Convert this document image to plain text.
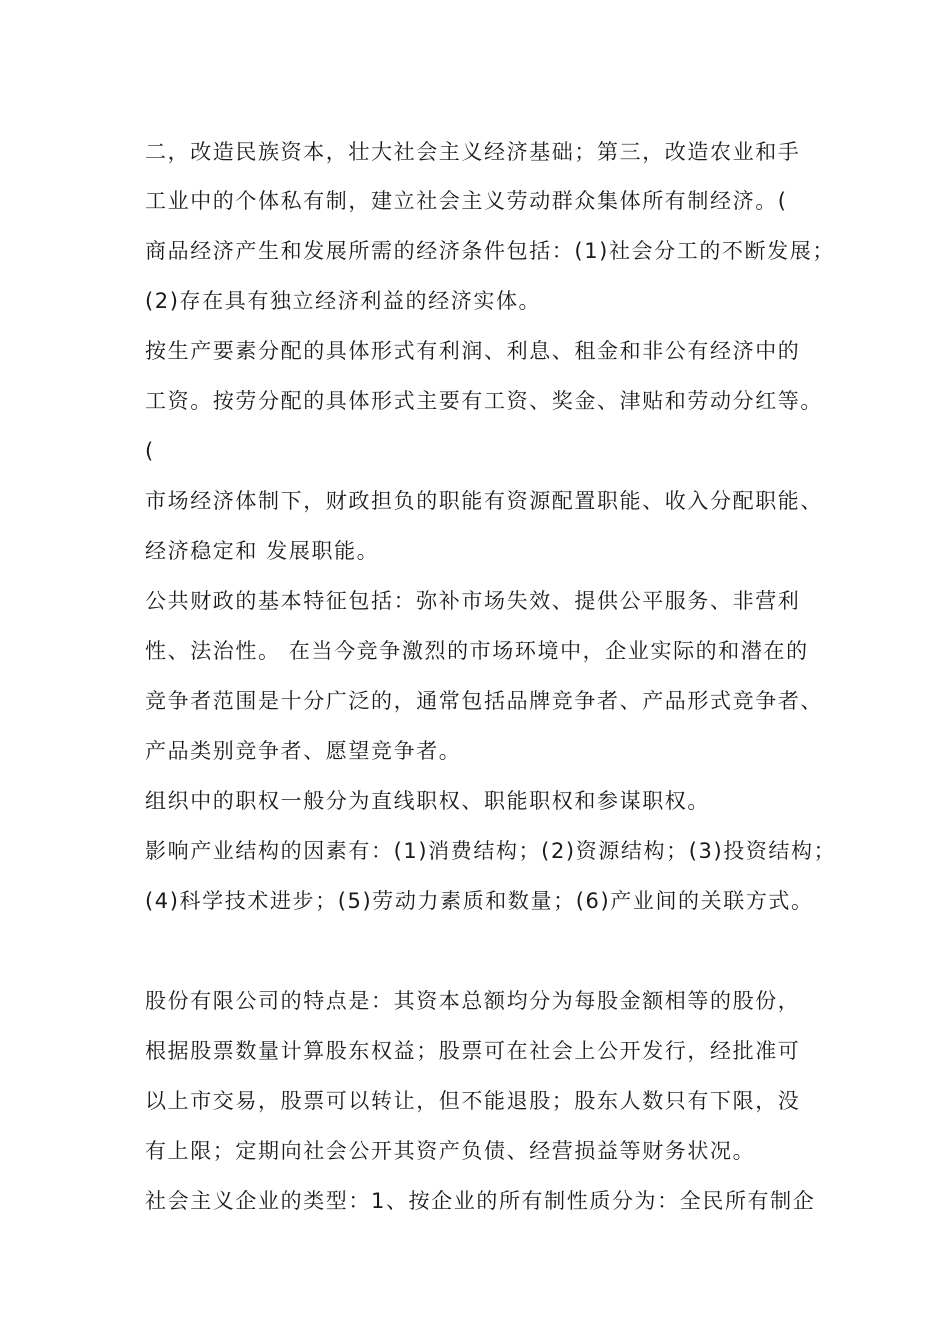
二，改造民族资本，壮大社会主义经济基础；第三，改造农业和手
工业中的个体私有制，建立社会主义劳动群众集体所有制经济。(
商品经济产生和发展所需的经济条件包括：(1)社会分工的不断发展；
(2)存在具有独立经济利益的经济实体。
按生产要素分配的具体形式有利润、利息、租金和非公有经济中的
工资。按劳分配的具体形式主要有工资、奖金、津贴和劳动分红等。
(
市场经济体制下，财政担负的职能有资源配置职能、收入分配职能、
经济稳定和 发展职能。
公共财政的基本特征包括：弥补市场失效、提供公平服务、非营利
性、法治性。 在当今竞争激烈的市场环境中，企业实际的和潜在的
竞争者范围是十分广泛的，通常包括品牌竞争者、产品形式竞争者、
产品类别竞争者、愿望竞争者。
组织中的职权一般分为直线职权、职能职权和参谋职权。
影响产业结构的因素有：(1)消费结构；(2)资源结构；(3)投资结构；
(4)科学技术进步；(5)劳动力素质和数量；(6)产业间的关联方式。
股份有限公司的特点是：其资本总额均分为每股金额相等的股份，
根据股票数量计算股东权益；股票可在社会上公开发行，经批准可
以上市交易，股票可以转让，但不能退股；股东人数只有下限，没
有上限；定期向社会公开其资产负债、经营损益等财务状况。
社会主义企业的类型：1、按企业的所有制性质分为：全民所有制企
